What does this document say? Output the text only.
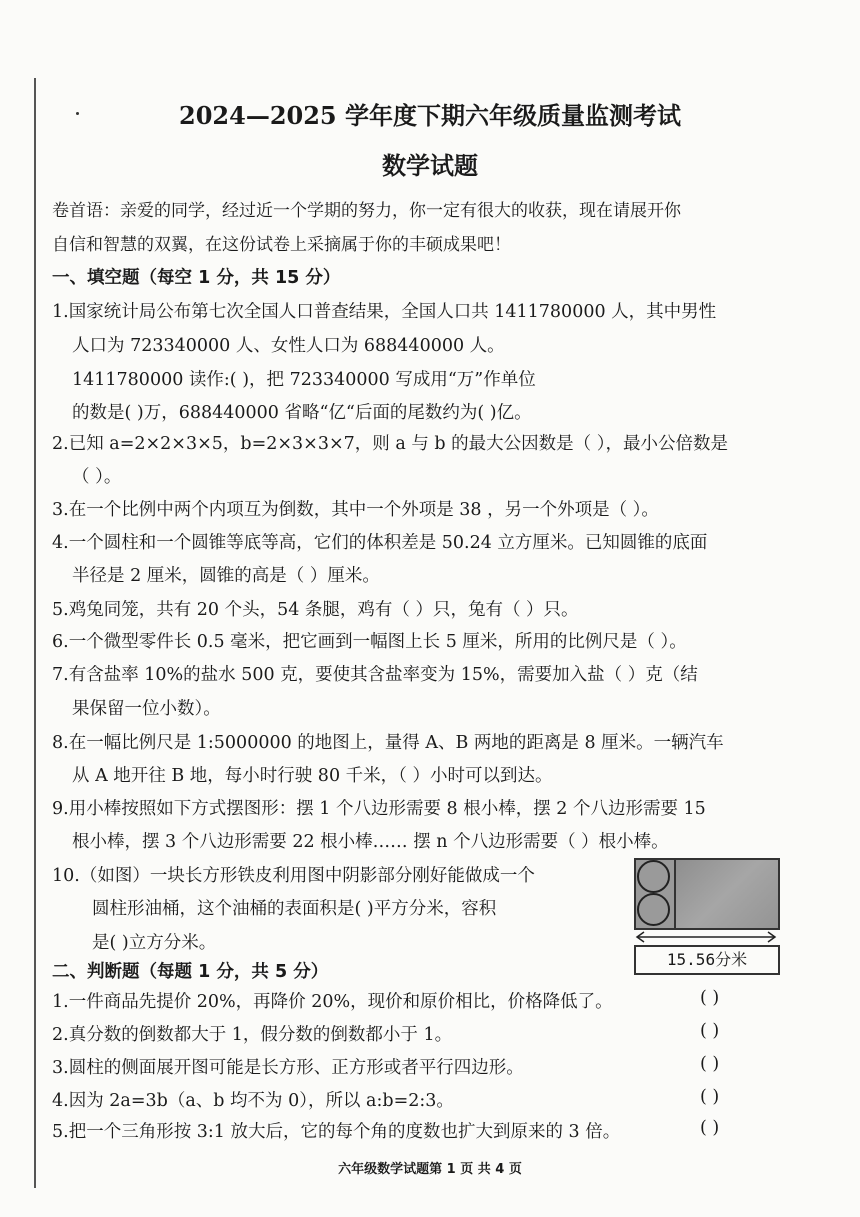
2024—2025 学年度下期六年级质量监测考试
数学试题
卷首语：亲爱的同学，经过近一个学期的努力，你一定有很大的收获，现在请展开你
自信和智慧的双翼，在这份试卷上采摘属于你的丰硕成果吧！
一、填空题（每空 1 分，共 15 分）
1.国家统计局公布第七次全国人口普查结果，全国人口共 1411780000 人，其中男性
人口为 723340000 人、女性人口为 688440000 人。
1411780000 读作:( )，把 723340000 写成用“万”作单位
的数是( )万，688440000 省略“亿“后面的尾数约为( )亿。
2.已知 a=2×2×3×5，b=2×3×3×7，则 a 与 b 的最大公因数是（ ），最小公倍数是
（ ）。
3.在一个比例中两个内项互为倒数，其中一个外项是 38 ，另一个外项是（ ）。
4.一个圆柱和一个圆锥等底等高，它们的体积差是 50.24 立方厘米。已知圆锥的底面
半径是 2 厘米，圆锥的高是（ ）厘米。
5.鸡兔同笼，共有 20 个头，54 条腿，鸡有（ ）只，兔有（ ）只。
6.一个微型零件长 0.5 毫米，把它画到一幅图上长 5 厘米，所用的比例尺是（ ）。
7.有含盐率 10%的盐水 500 克，要使其含盐率变为 15%，需要加入盐（ ）克（结
果保留一位小数）。
8.在一幅比例尺是 1:5000000 的地图上，量得 A、B 两地的距离是 8 厘米。一辆汽车
从 A 地开往 B 地，每小时行驶 80 千米，（ ）小时可以到达。
9.用小棒按照如下方式摆图形：摆 1 个八边形需要 8 根小棒，摆 2 个八边形需要 15
根小棒，摆 3 个八边形需要 22 根小棒…… 摆 n 个八边形需要（ ）根小棒。
10.（如图）一块长方形铁皮利用图中阴影部分刚好能做成一个
圆柱形油桶，这个油桶的表面积是( )平方分米，容积
是( )立方分米。
15.56分米
二、判断题（每题 1 分，共 5 分）
1.一件商品先提价 20%，再降价 20%，现价和原价相比，价格降低了。	( )
2.真分数的倒数都大于 1，假分数的倒数都小于 1。	( )
3.圆柱的侧面展开图可能是长方形、正方形或者平行四边形。	( )
4.因为 2a=3b（a、b 均不为 0），所以 a:b=2:3。	( )
5.把一个三角形按 3:1 放大后，它的每个角的度数也扩大到原来的 3 倍。	( )
六年级数学试题第 1 页 共 4 页
